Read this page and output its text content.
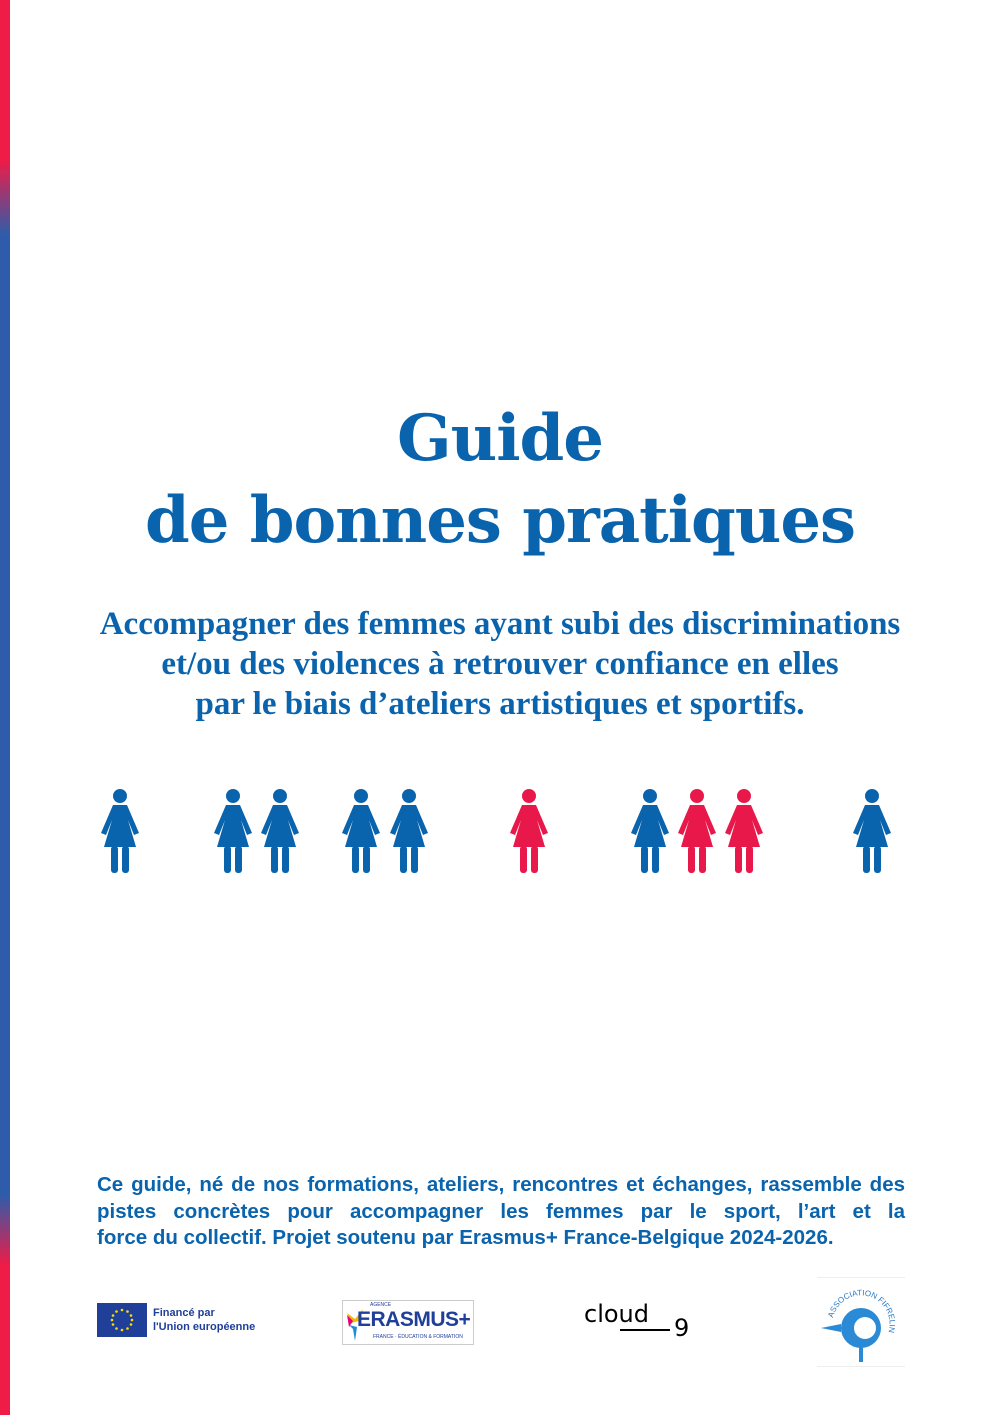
Guide
de bonnes pratiques
Accompagner des femmes ayant subi des discriminations
et/ou des violences à retrouver confiance en elles
par le biais d’ateliers artistiques et sportifs.
Ce guide, né de nos formations, ateliers, rencontres et échanges, rassemble des pistes concrètes pour accompagner les femmes par le sport, l’art et la
force du collectif. Projet soutenu par Erasmus+ France-Belgique 2024-2026.
Financé par
l'Union européenne
AGENCE
ERASMUS+
FRANCE · ÉDUCATION & FORMATION
cloud 9	ASSOCIATION FIFRELIN
